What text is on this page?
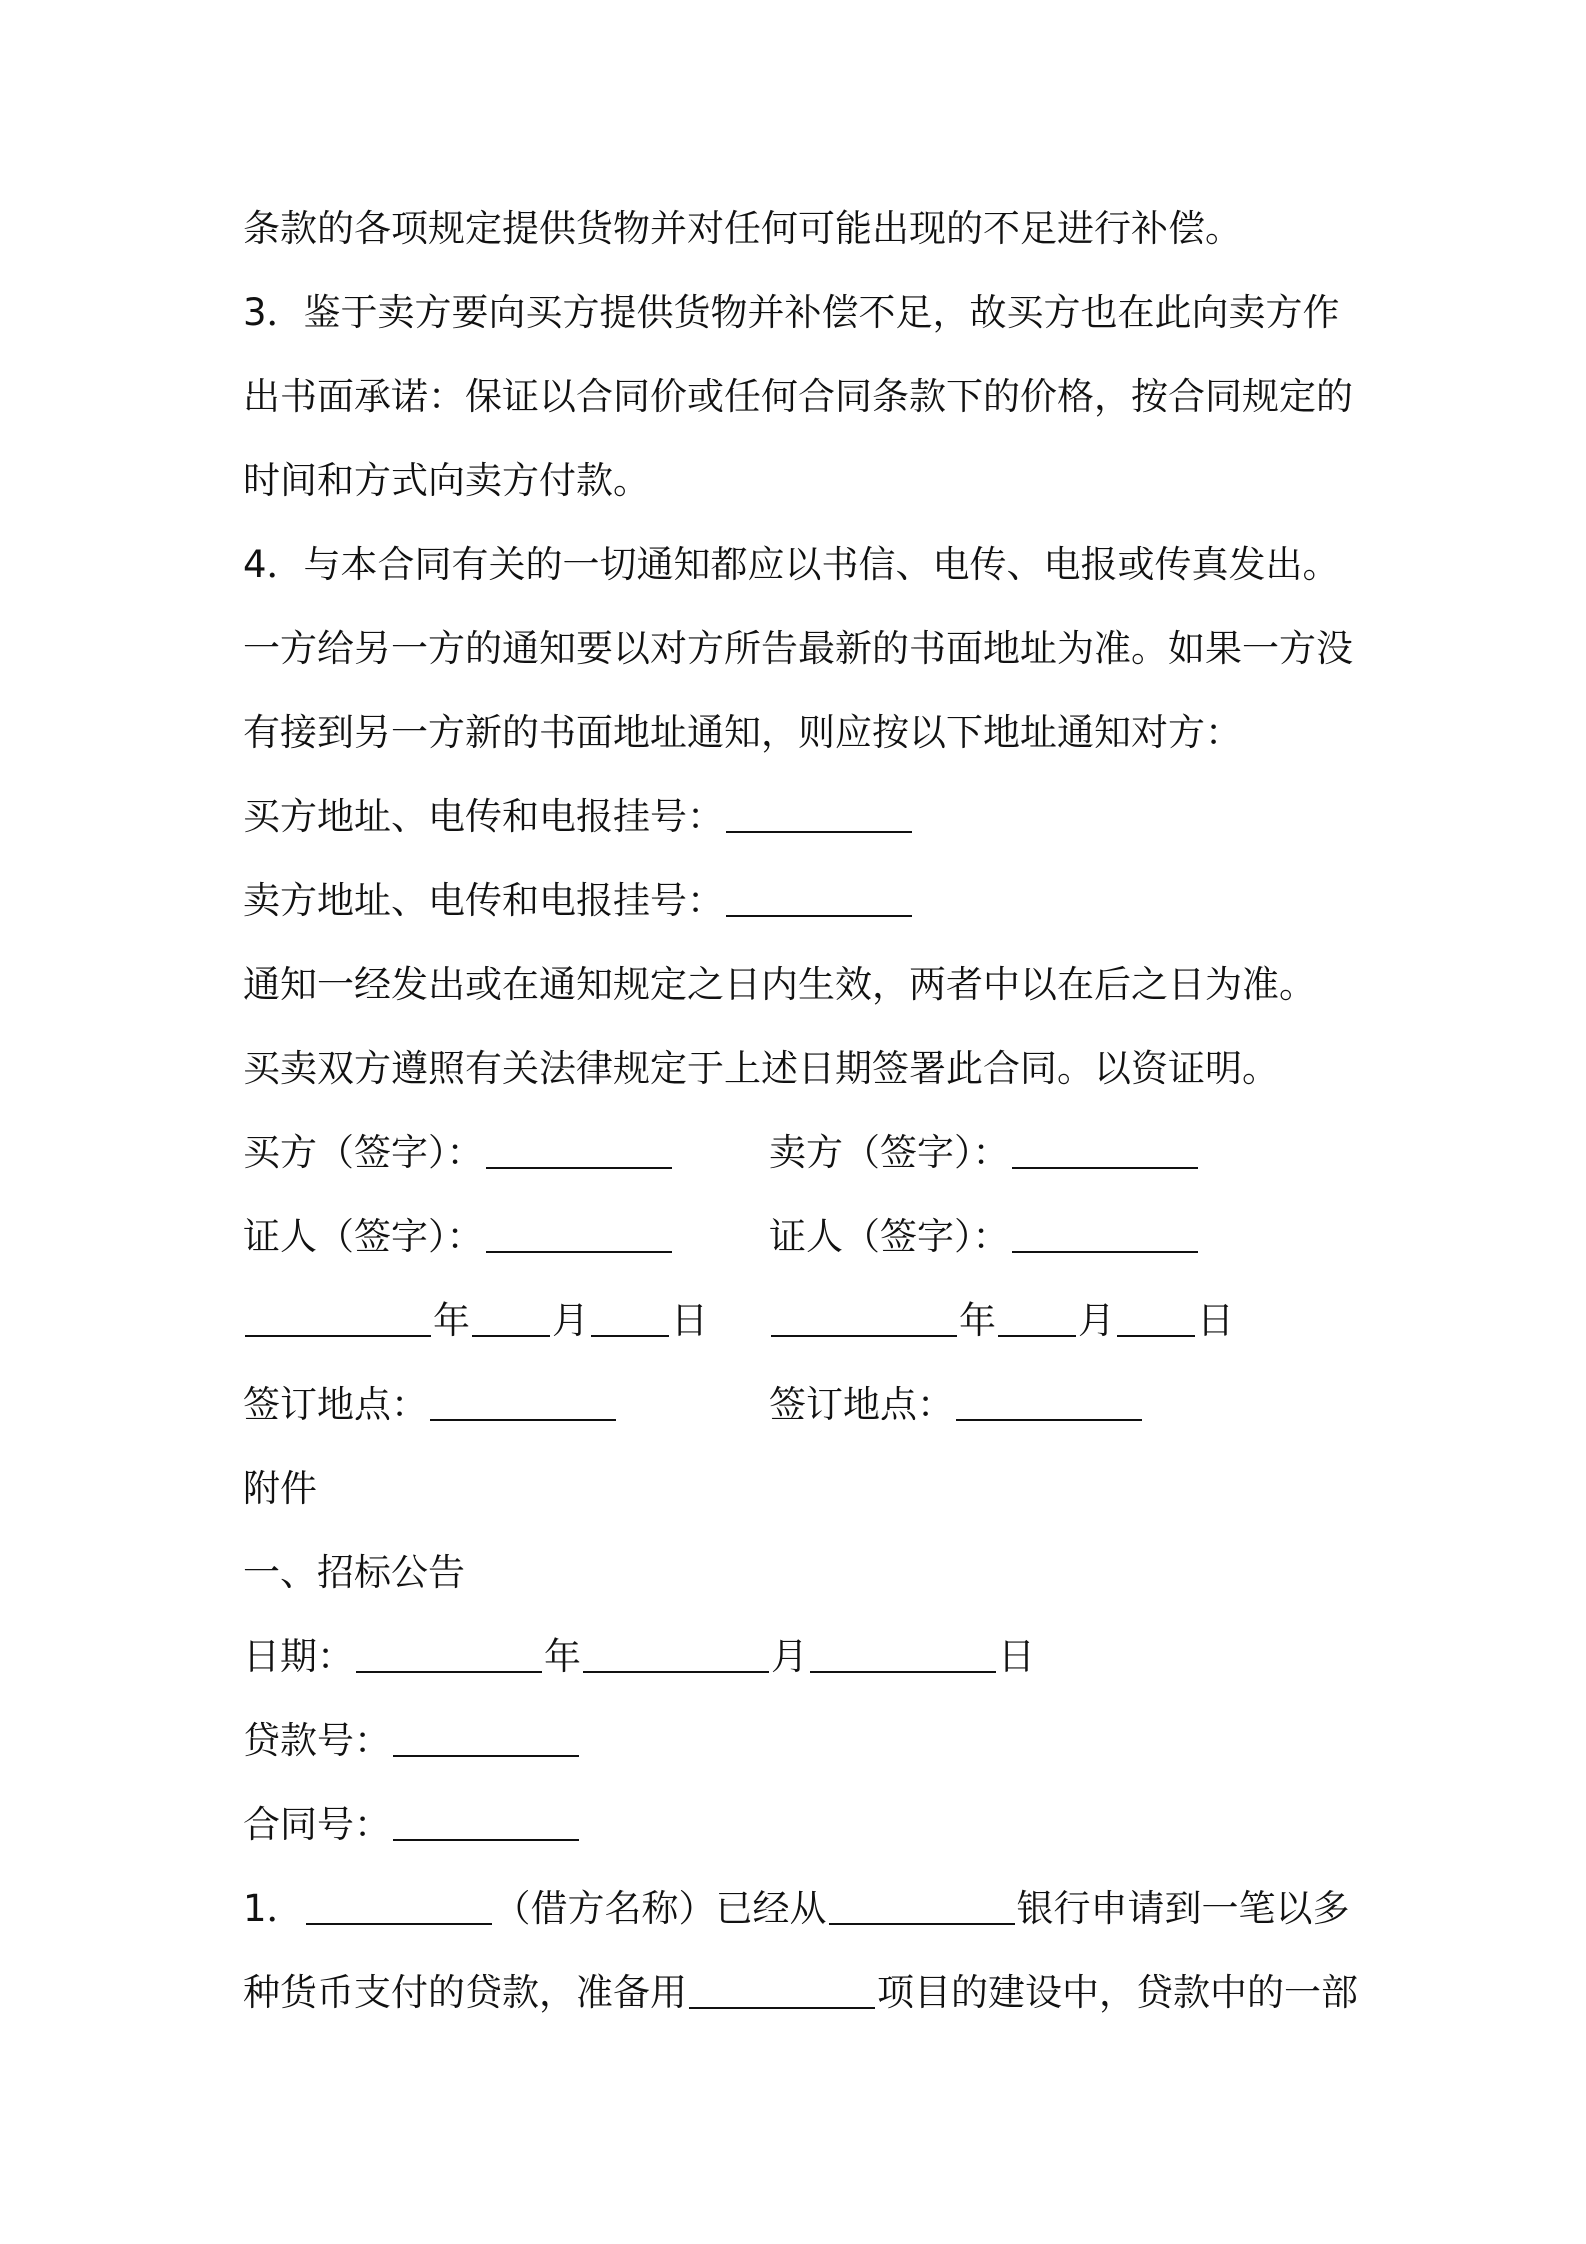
条款的各项规定提供货物并对任何可能出现的不足进行补偿。
3．鉴于卖方要向买方提供货物并补偿不足，故买方也在此向卖方作
出书面承诺：保证以合同价或任何合同条款下的价格，按合同规定的
时间和方式向卖方付款。
4．与本合同有关的一切通知都应以书信、电传、电报或传真发出。
一方给另一方的通知要以对方所告最新的书面地址为准。如果一方没
有接到另一方新的书面地址通知，则应按以下地址通知对方：
买方地址、电传和电报挂号：
卖方地址、电传和电报挂号：
通知一经发出或在通知规定之日内生效，两者中以在后之日为准。
买卖双方遵照有关法律规定于上述日期签署此合同。以资证明。
买方（签字）：	卖方（签字）：
证人（签字）：	证人（签字）：
年 月 日	年 月 日
签订地点：	签订地点：
附件
一、招标公告
日期：	年	月	日
贷款号：
合同号：
1．	（借方名称）已经从	银行申请到一笔以多
种货币支付的贷款，准备用	项目的建设中，贷款中的一部
